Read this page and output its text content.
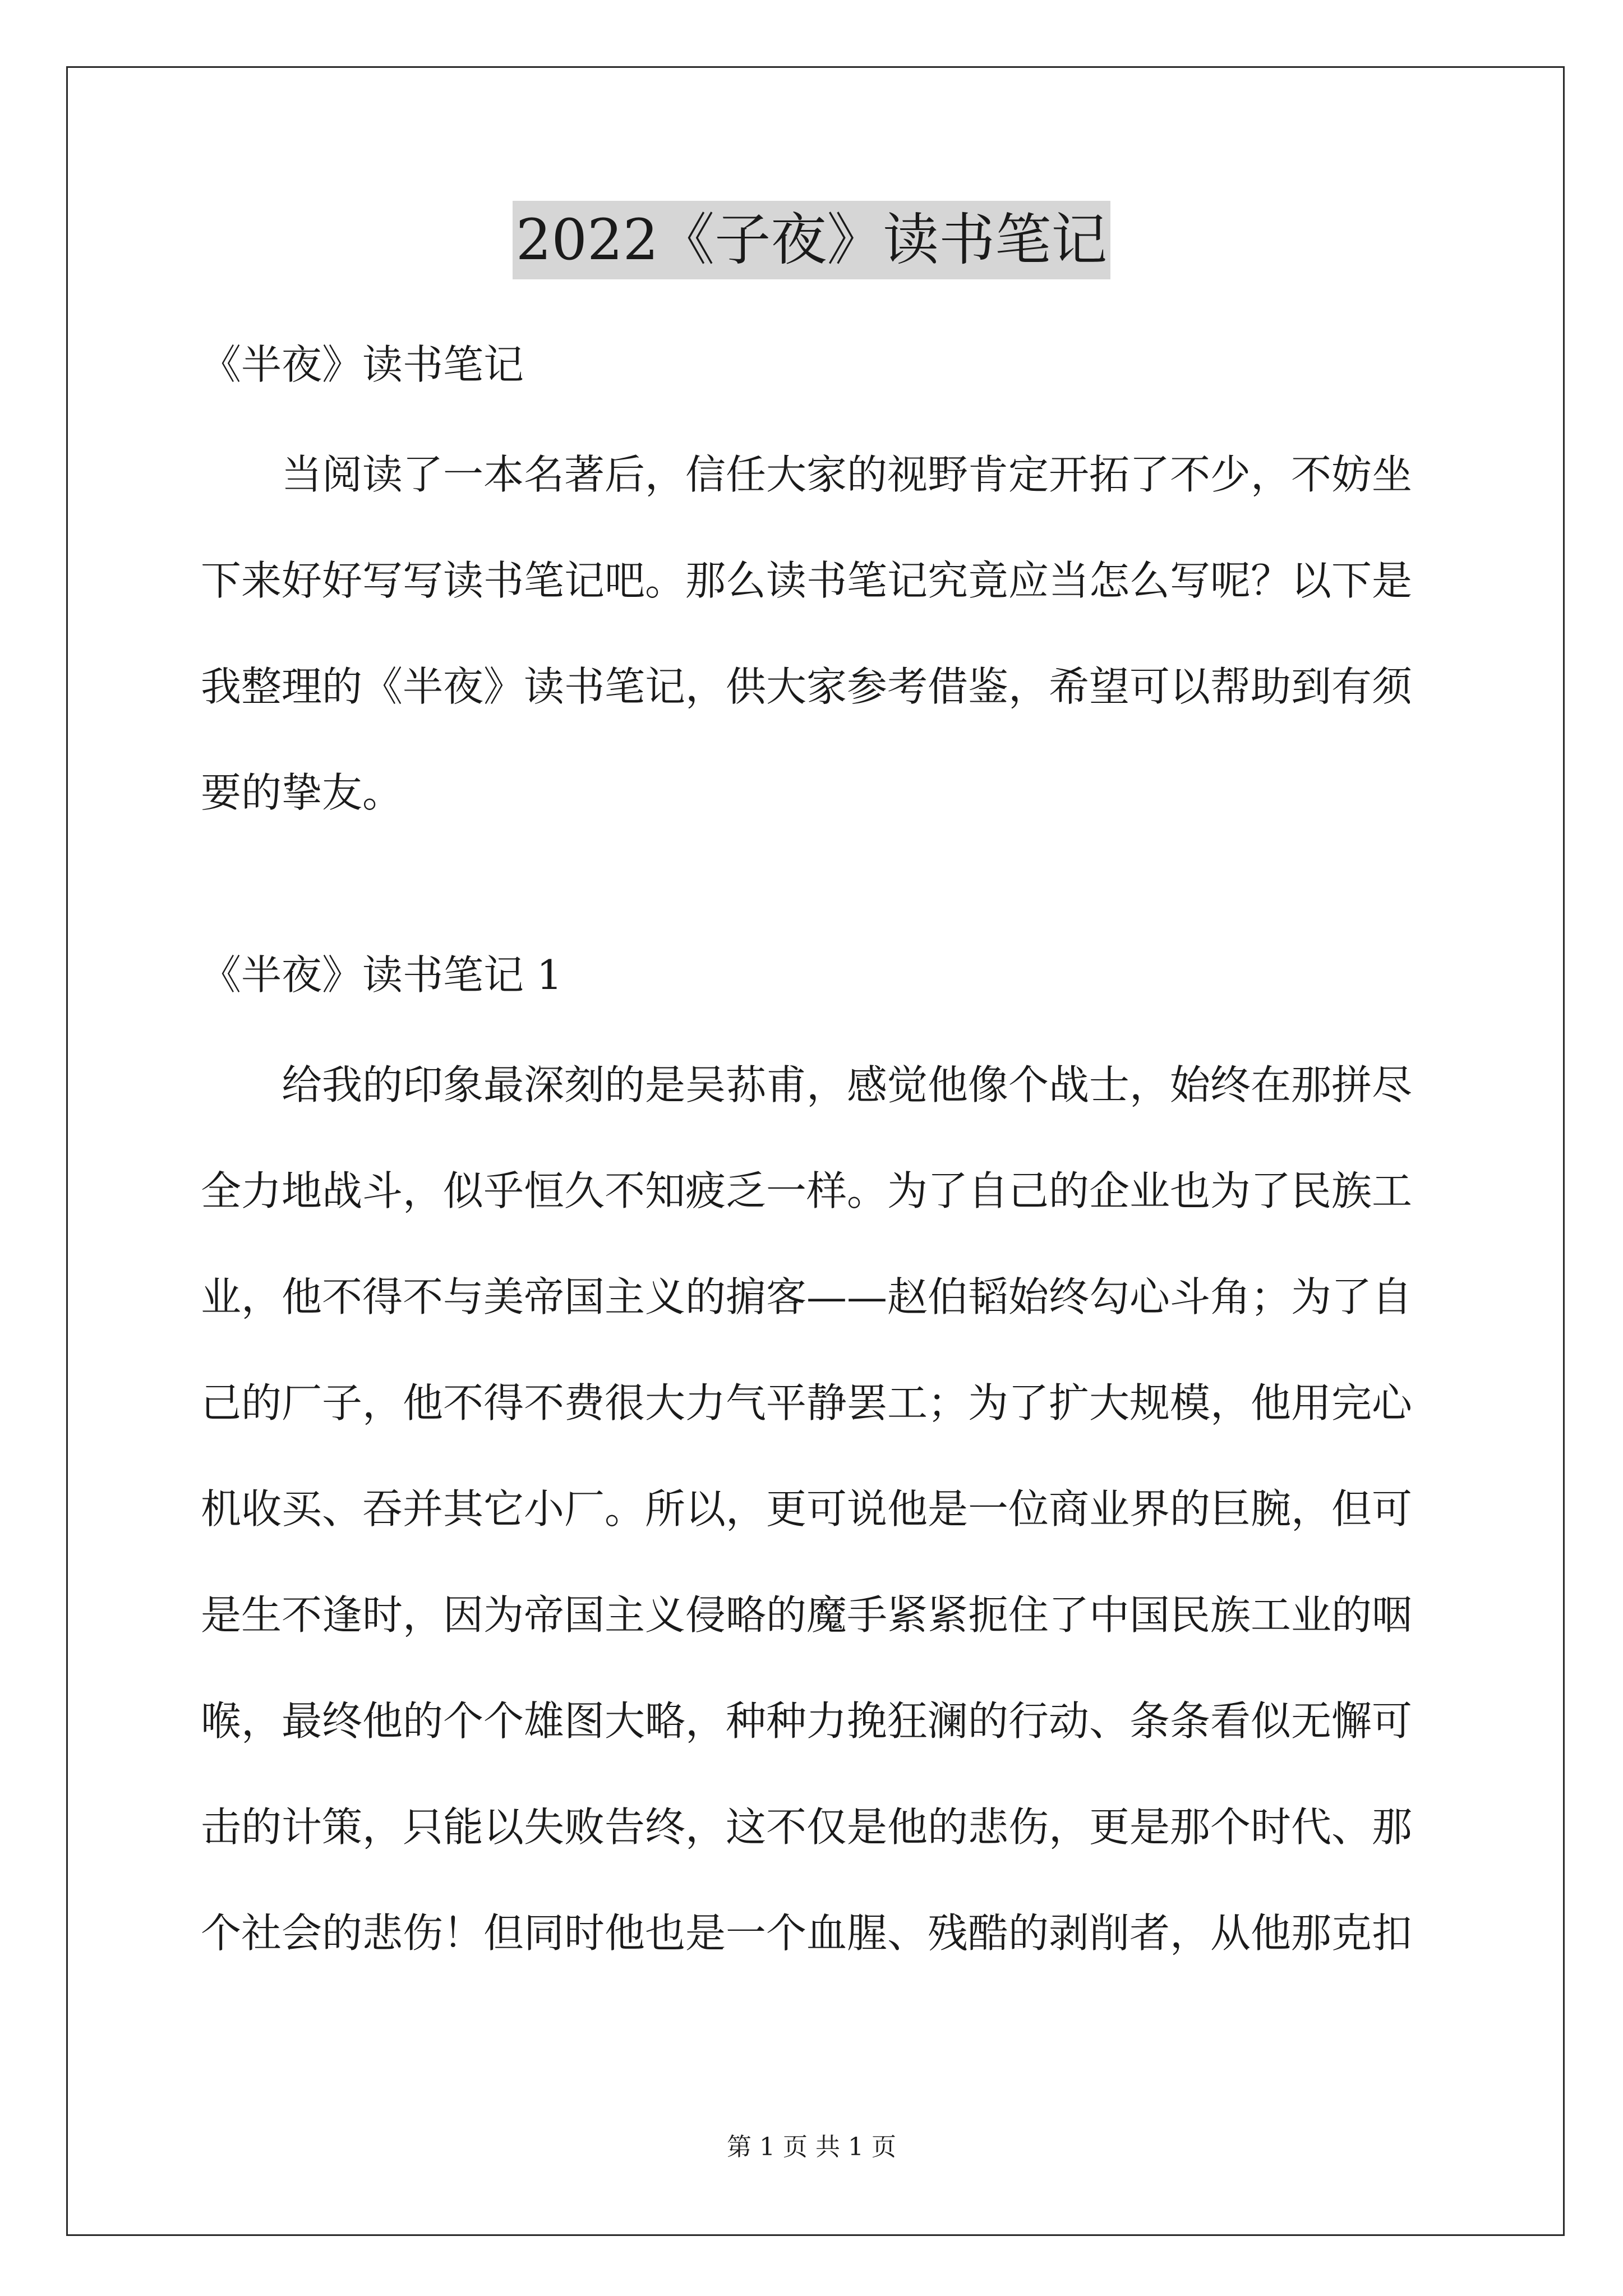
2022《子夜》读书笔记

《半夜》读书笔记

当阅读了一本名著后，信任大家的视野肯定开拓了不少，不妨坐
下来好好写写读书笔记吧。那么读书笔记究竟应当怎么写呢？以下是
我整理的《半夜》读书笔记，供大家参考借鉴，希望可以帮助到有须
要的挚友。

《半夜》读书笔记 1

给我的印象最深刻的是吴荪甫，感觉他像个战士，始终在那拼尽
全力地战斗，似乎恒久不知疲乏一样。为了自己的企业也为了民族工
业，他不得不与美帝国主义的掮客——赵伯韬始终勾心斗角；为了自
己的厂子，他不得不费很大力气平静罢工；为了扩大规模，他用完心
机收买、吞并其它小厂。所以，更可说他是一位商业界的巨腕，但可
是生不逢时，因为帝国主义侵略的魔手紧紧扼住了中国民族工业的咽
喉，最终他的个个雄图大略，种种力挽狂澜的行动、条条看似无懈可
击的计策，只能以失败告终，这不仅是他的悲伤，更是那个时代、那
个社会的悲伤！但同时他也是一个血腥、残酷的剥削者，从他那克扣

第 1 页 共 1 页
